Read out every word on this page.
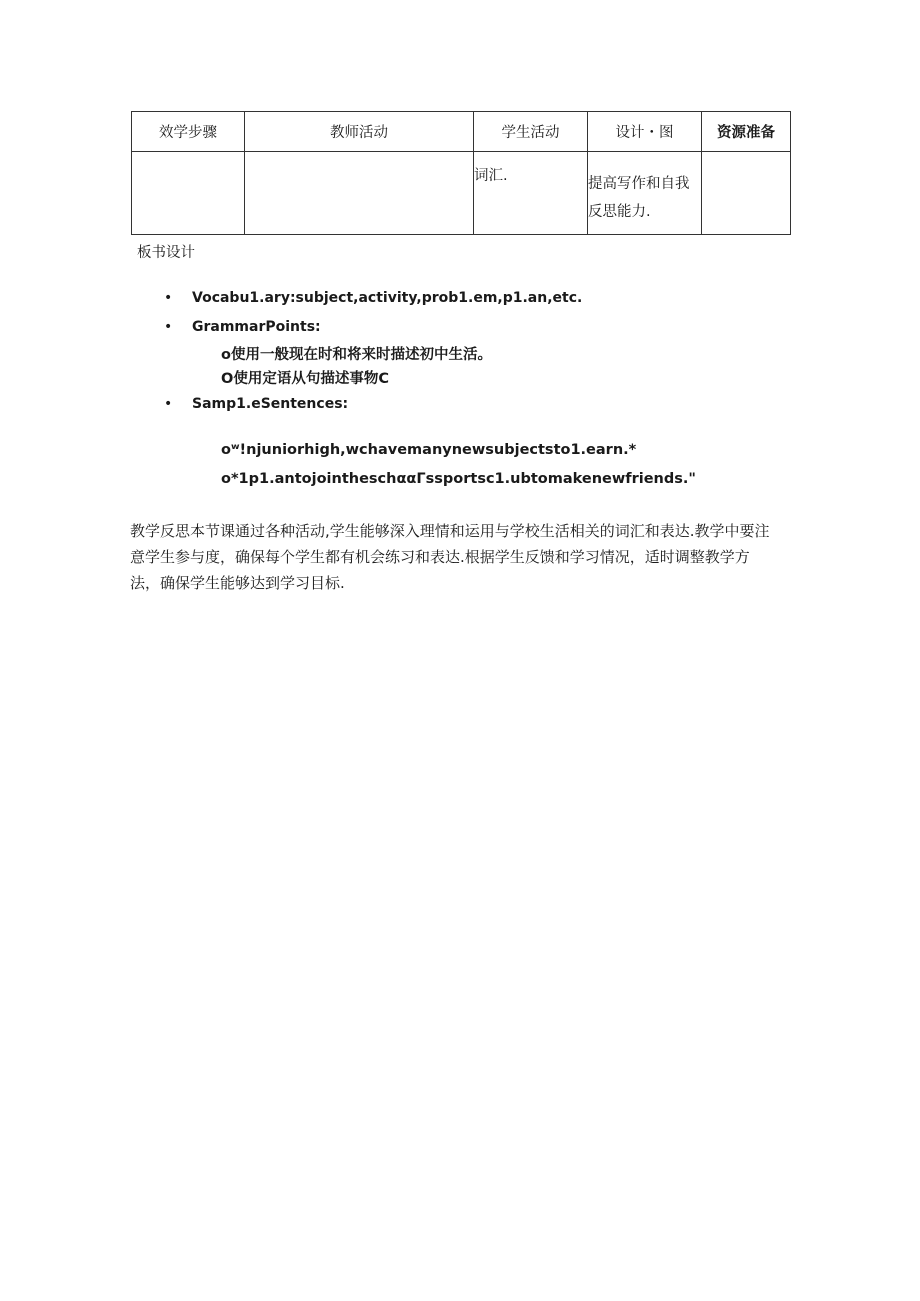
效学步骤	教师活动	学生活动	设计・图	资源准备

		词汇.	提高写作和自我反思能力.	

板书设计
• Vocabu1.ary:subject,activity,prob1.em,p1.an,etc.
• GrammarPoints:
o使用一般现在时和将来时描述初中生活。
O使用定语从句描述事物C
• Samp1.eSentences:
oʷ!njuniorhigh,wchavemanynewsubjectsto1.earn.*
o*1p1.antojointheschααΓssportsc1.ubtomakenewfriends."
教学反思本节课通过各种活动,学生能够深入理情和运用与学校生活相关的词汇和表达.教学中要注
意学生参与度，确保每个学生都有机会练习和表达.根据学生反馈和学习情况，适时调整教学方
法，确保学生能够达到学习目标.
